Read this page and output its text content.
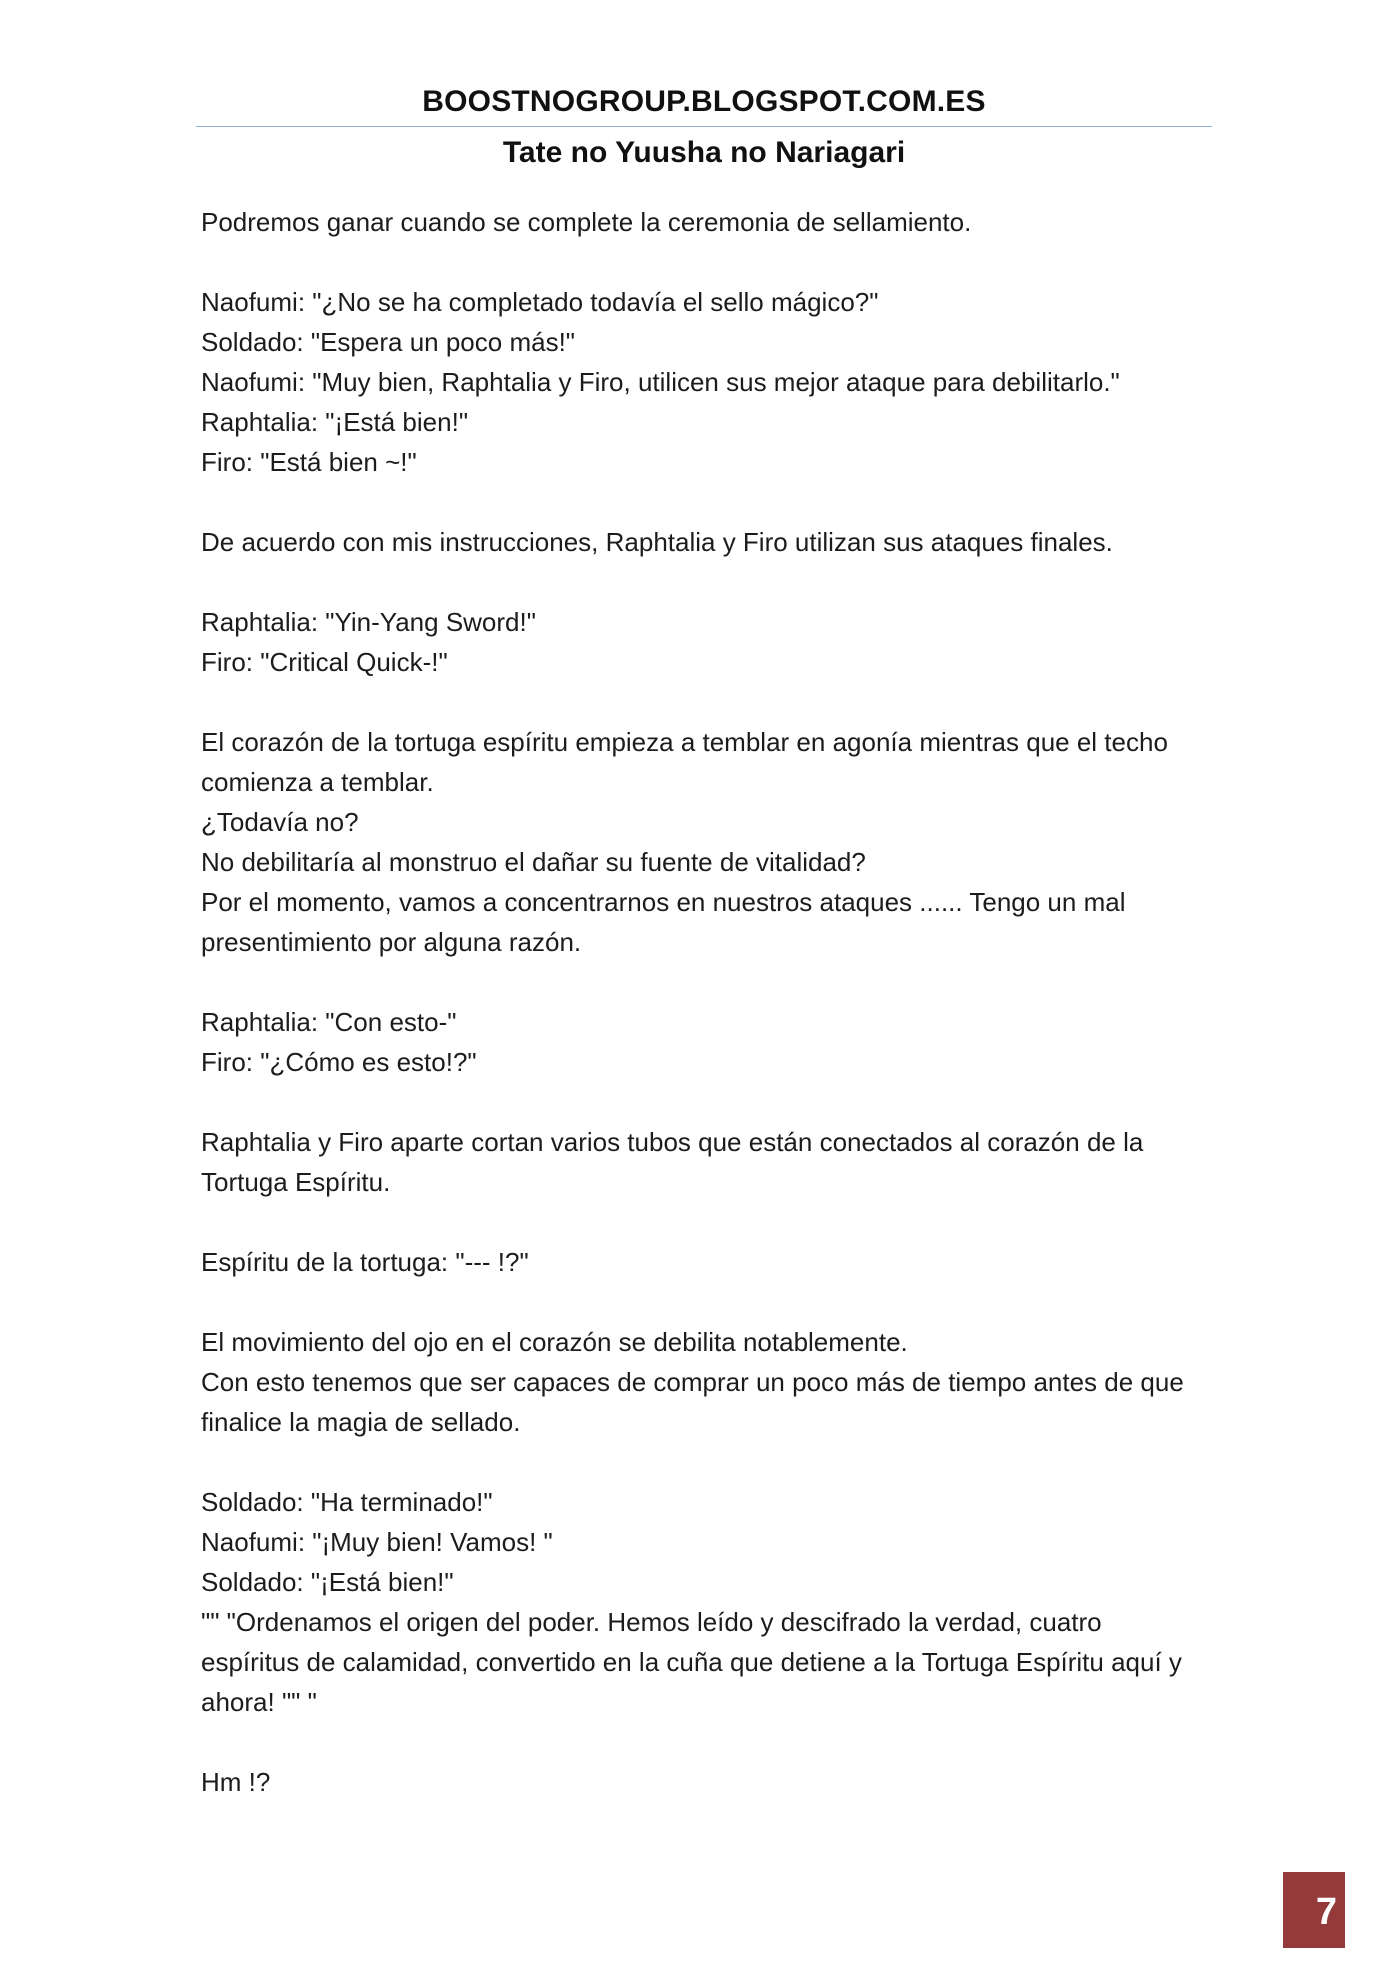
BOOSTNOGROUP.BLOGSPOT.COM.ES
Tate no Yuusha no Nariagari
Podremos ganar cuando se complete la ceremonia de sellamiento.
Naofumi: "¿No se ha completado todavía el sello mágico?"
Soldado: "Espera un poco más!"
Naofumi: "Muy bien, Raphtalia y Firo, utilicen sus mejor ataque para debilitarlo."
Raphtalia: "¡Está bien!"
Firo: "Está bien ~!"
De acuerdo con mis instrucciones, Raphtalia y Firo utilizan sus ataques finales.
Raphtalia: "Yin-Yang Sword!"
Firo: "Critical Quick-!"
El corazón de la tortuga espíritu empieza a temblar en agonía mientras que el techo
comienza a temblar.
¿Todavía no?
No debilitaría al monstruo el dañar su fuente de vitalidad?
Por el momento, vamos a concentrarnos en nuestros ataques ...... Tengo un mal
presentimiento por alguna razón.
Raphtalia: "Con esto-"
Firo: "¿Cómo es esto!?"
Raphtalia y Firo aparte cortan varios tubos que están conectados al corazón de la
Tortuga Espíritu.
Espíritu de la tortuga: "--- !?"
El movimiento del ojo en el corazón se debilita notablemente.
Con esto tenemos que ser capaces de comprar un poco más de tiempo antes de que
finalice la magia de sellado.
Soldado: "Ha terminado!"
Naofumi: "¡Muy bien! Vamos! "
Soldado: "¡Está bien!"
"" "Ordenamos el origen del poder. Hemos leído y descifrado la verdad, cuatro
espíritus de calamidad, convertido en la cuña que detiene a la Tortuga Espíritu aquí y
ahora! "" "
Hm !?
7
